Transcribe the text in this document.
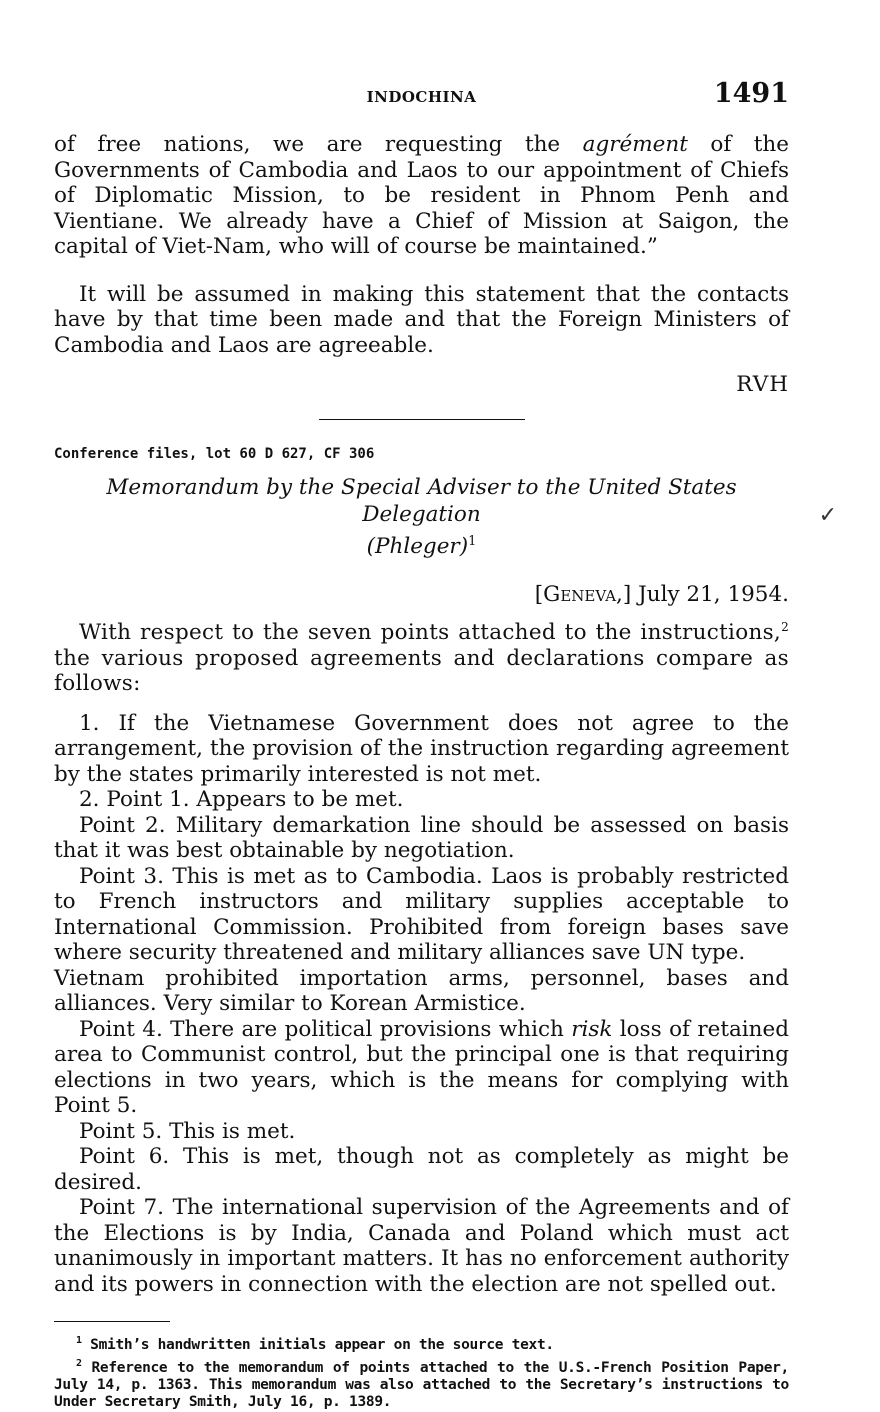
INDOCHINA	1491

of free nations, we are requesting the agrément of the Governments of Cambodia and Laos to our appointment of Chiefs of Diplomatic Mission, to be resident in Phnom Penh and Vientiane. We already have a Chief of Mission at Saigon, the capital of Viet-Nam, who will of course be maintained.”

It will be assumed in making this statement that the contacts have by that time been made and that the Foreign Ministers of Cambodia and Laos are agreeable.

RVH
Conference files, lot 60 D 627, CF 306
Memorandum by the Special Adviser to the United States Delegation
(Phleger)$^1$
✓
[Geneva,] July 21, 1954.

With respect to the seven points attached to the instructions,$^2$ the various proposed agreements and declarations compare as follows:

1. If the Vietnamese Government does not agree to the arrangement, the provision of the instruction regarding agreement by the states primarily interested is not met.

2. Point 1. Appears to be met.

Point 2. Military demarkation line should be assessed on basis that it was best obtainable by negotiation.

Point 3. This is met as to Cambodia. Laos is probably restricted to French instructors and military supplies acceptable to International Commission. Prohibited from foreign bases save where security threatened and military alliances save UN type.

Vietnam prohibited importation arms, personnel, bases and alliances. Very similar to Korean Armistice.

Point 4. There are political provisions which risk loss of retained area to Communist control, but the principal one is that requiring elections in two years, which is the means for complying with Point 5.

Point 5. This is met.

Point 6. This is met, though not as completely as might be desired.

Point 7. The international supervision of the Agreements and of the Elections is by India, Canada and Poland which must act unanimously in important matters. It has no enforcement authority and its powers in connection with the election are not spelled out.

$^1$ Smith’s handwritten initials appear on the source text.
$^2$ Reference to the memorandum of points attached to the U.S.-French Position Paper, July 14, p. 1363. This memorandum was also attached to the Secretary’s instructions to Under Secretary Smith, July 16, p. 1389.
